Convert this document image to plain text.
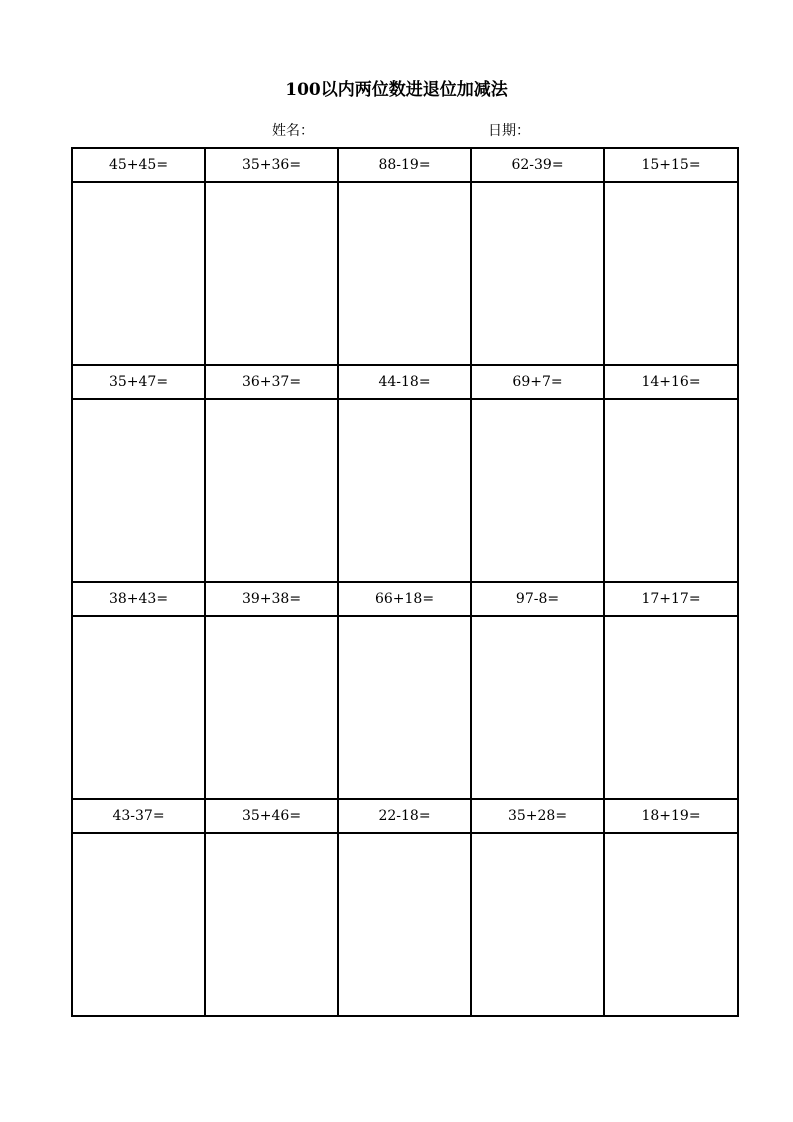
100以内两位数进退位加减法
姓名：	日期：
45+45=	35+36=	88-19=	62-39=	15+15=

35+47=	36+37=	44-18=	69+7=	14+16=

38+43=	39+38=	66+18=	97-8=	17+17=

43-37=	35+46=	22-18=	35+28=	18+19=
